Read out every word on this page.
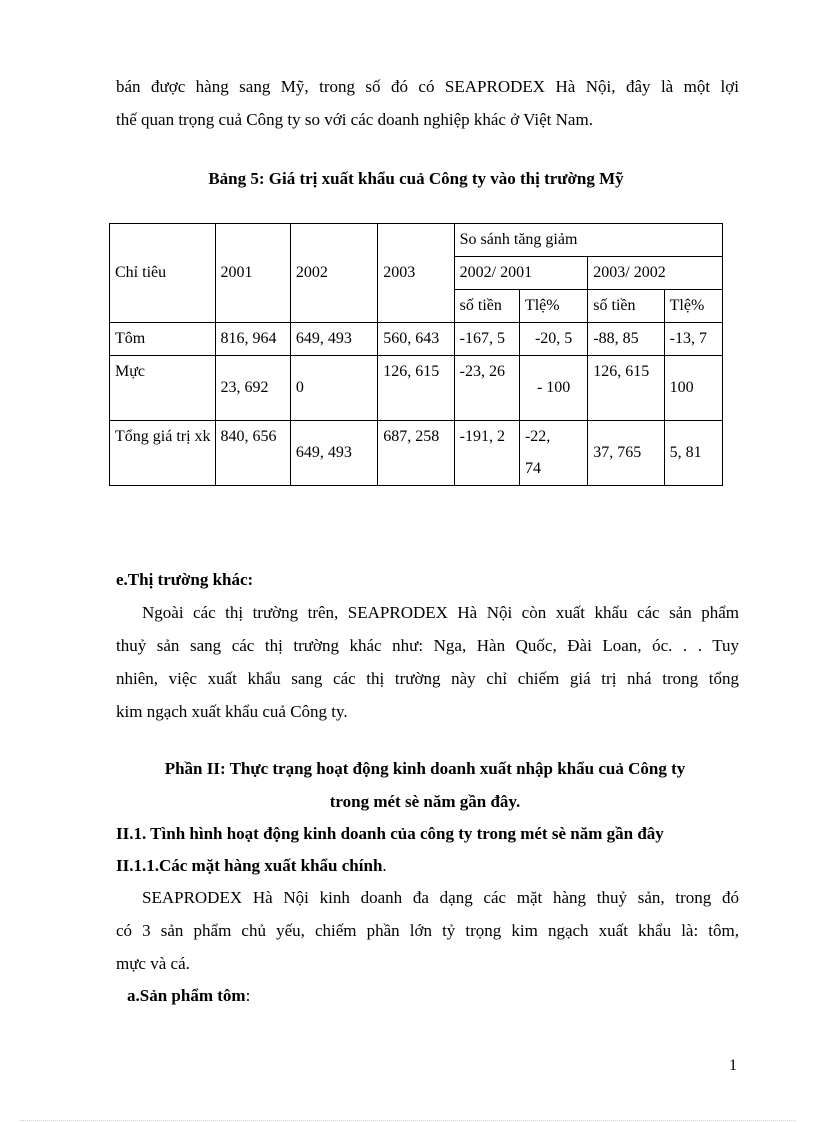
bán được hàng sang Mỹ, trong số đó có SEAPRODEX Hà Nội, đây là một lợi
thế quan trọng cuả Công ty so với các doanh nghiệp khác ở Việt Nam.
Bảng 5: Giá trị xuất khẩu cuả Công ty vào thị trường Mỹ
Chỉ tiêu	2001	2002	2003	So sánh tăng giảm			
				2002/ 2001		2003/ 2002	
				số tiền	Tlệ%	số tiền	Tlệ%
Tôm	816, 964	649, 493	560, 643	-167, 5	-20, 5	-88, 85	-13, 7

Mực	23, 692	0	126, 615	-23, 26	- 100	126, 615	100

Tổng giá trị xk	840, 656	649, 493	687, 258	-191, 2	-22, 74	37, 765	5, 81
e.Thị trường khác:
Ngoài các thị trường trên, SEAPRODEX Hà Nội còn xuất khẩu các sản phẩm
thuỷ sản sang các thị trường khác như: Nga, Hàn Quốc, Đài Loan, óc. . . Tuy
nhiên, việc xuất khẩu sang các thị trường này chỉ chiếm giá trị nhá trong tổng
kim ngạch xuất khẩu cuả Công ty.
Phần II: Thực trạng hoạt động kinh doanh xuất nhập khẩu cuả Công ty
trong mét sè năm gần đây.
II.1. Tình hình hoạt động kinh doanh của công ty trong mét sè năm gần đây
II.1.1.Các mặt hàng xuất khẩu chính.
SEAPRODEX Hà Nội kinh doanh đa dạng các mặt hàng thuỷ sản, trong đó
có 3 sản phẩm chủ yếu, chiếm phần lớn tỷ trọng kim ngạch xuất khẩu là: tôm,
mực và cá.
a.Sản phẩm tôm:
1
